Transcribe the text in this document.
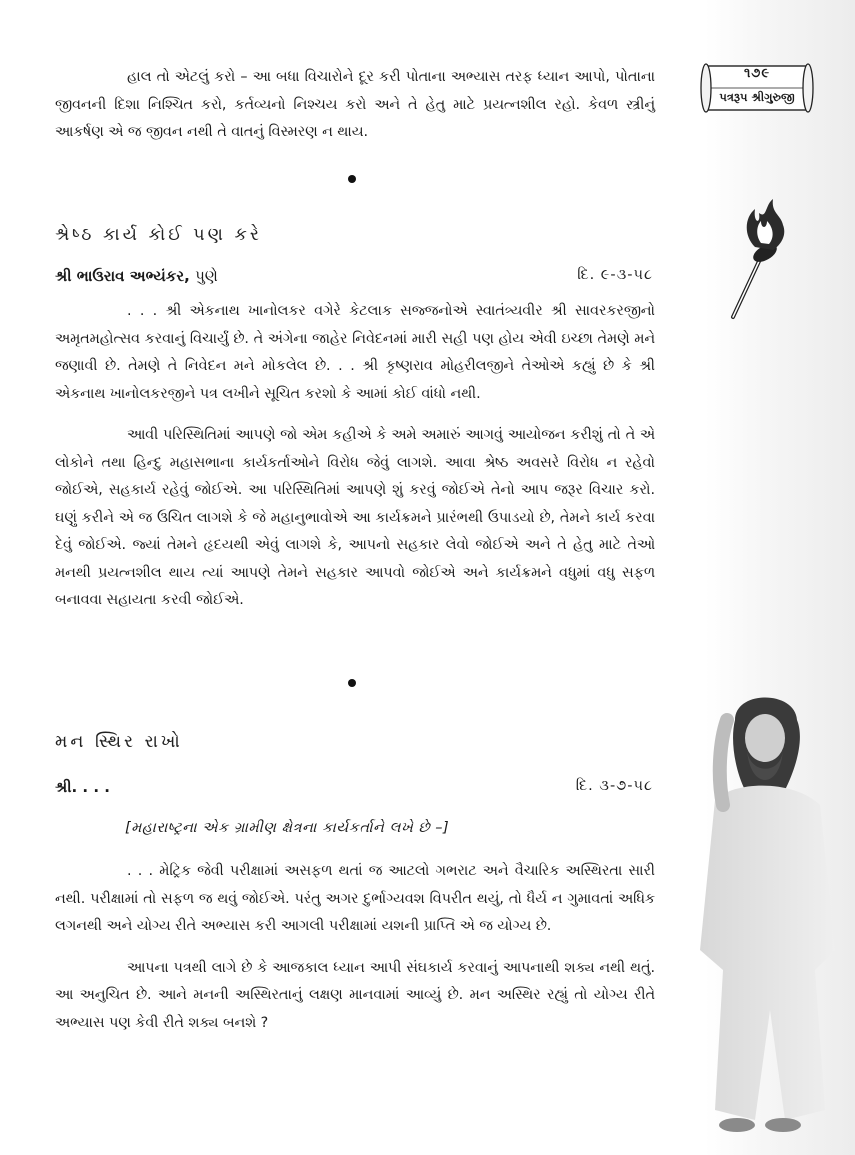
૧૭૯
પત્રરૂપ શ્રીગુરુજી

હાલ તો એટલું કરો – આ બધા વિચારોને દૂર કરી પોતાના અભ્યાસ તરફ ધ્યાન આપો, પોતાના જીવનની દિશા નિશ્ચિત કરો, કર્તવ્યનો નિશ્ચય કરો અને તે હેતુ માટે પ્રયત્નશીલ રહો. કેવળ સ્ત્રીનું આકર્ષણ એ જ જીવન નથી તે વાતનું વિસ્મરણ ન થાય.

શ્રેષ્ઠ કાર્ય કોઈ પણ કરે
શ્રી ભાઉરાવ અભ્યંકર, પુણે	દિ. ૯-૩-૫૮

. . . શ્રી એકનાથ ખાનોલકર વગેરે કેટલાક સજ્જનોએ સ્વાતંત્ર્યવીર શ્રી સાવરકરજીનો અમૃતમહોત્સવ કરવાનું વિચાર્યું છે. તે અંગેના જાહેર નિવેદનમાં મારી સહી પણ હોય એવી ઇચ્છા તેમણે મને જણાવી છે. તેમણે તે નિવેદન મને મોકલેલ છે. . . શ્રી કૃષ્ણરાવ મોહરીલજીને તેઓએ કહ્યું છે કે શ્રી એકનાથ ખાનોલકરજીને પત્ર લખીને સૂચિત કરશો કે આમાં કોઈ વાંધો નથી.

આવી પરિસ્થિતિમાં આપણે જો એમ કહીએ કે અમે અમારું આગવું આયોજન કરીશું તો તે એ લોકોને તથા હિન્દુ મહાસભાના કાર્યકર્તાઓને વિરોધ જેવું લાગશે. આવા શ્રેષ્ઠ અવસરે વિરોધ ન રહેવો જોઈએ, સહકાર્ય રહેવું જોઈએ. આ પરિસ્થિતિમાં આપણે શું કરવું જોઈએ તેનો આપ જરૂર વિચાર કરો. ઘણું કરીને એ જ ઉચિત લાગશે કે જે મહાનુભાવોએ આ કાર્યક્રમને પ્રારંભથી ઉપાડયો છે, તેમને કાર્ય કરવા દેવું જોઈએ. જ્યાં તેમને હૃદયથી એવું લાગશે કે, આપનો સહકાર લેવો જોઈએ અને તે હેતુ માટે તેઓ મનથી પ્રયત્નશીલ થાય ત્યાં આપણે તેમને સહકાર આપવો જોઈએ અને કાર્યક્રમને વધુમાં વધુ સફળ બનાવવા સહાયતા કરવી જોઈએ.

મન સ્થિર રાખો
શ્રી. . . .	દિ. ૩-૭-૫૮
[મહારાષ્ટ્રના એક ગ્રામીણ ક્ષેત્રના કાર્યકર્તાને લખે છે –]

. . . મેટ્રિક જેવી પરીક્ષામાં અસફળ થતાં જ આટલો ગભરાટ અને વૈચારિક અસ્થિરતા સારી નથી. પરીક્ષામાં તો સફળ જ થવું જોઈએ. પરંતુ અગર દુર્ભાગ્યવશ વિપરીત થયું, તો ધૈર્ય ન ગુમાવતાં અધિક લગનથી અને યોગ્ય રીતે અભ્યાસ કરી આગલી પરીક્ષામાં યશની પ્રાપ્તિ એ જ યોગ્ય છે.

આપના પત્રથી લાગે છે કે આજકાલ ધ્યાન આપી સંઘકાર્ય કરવાનું આપનાથી શક્ય નથી થતું. આ અનુચિત છે. આને મનની અસ્થિરતાનું લક્ષણ માનવામાં આવ્યું છે. મન અસ્થિર રહ્યું તો યોગ્ય રીતે અભ્યાસ પણ કેવી રીતે શક્ય બનશે ?
